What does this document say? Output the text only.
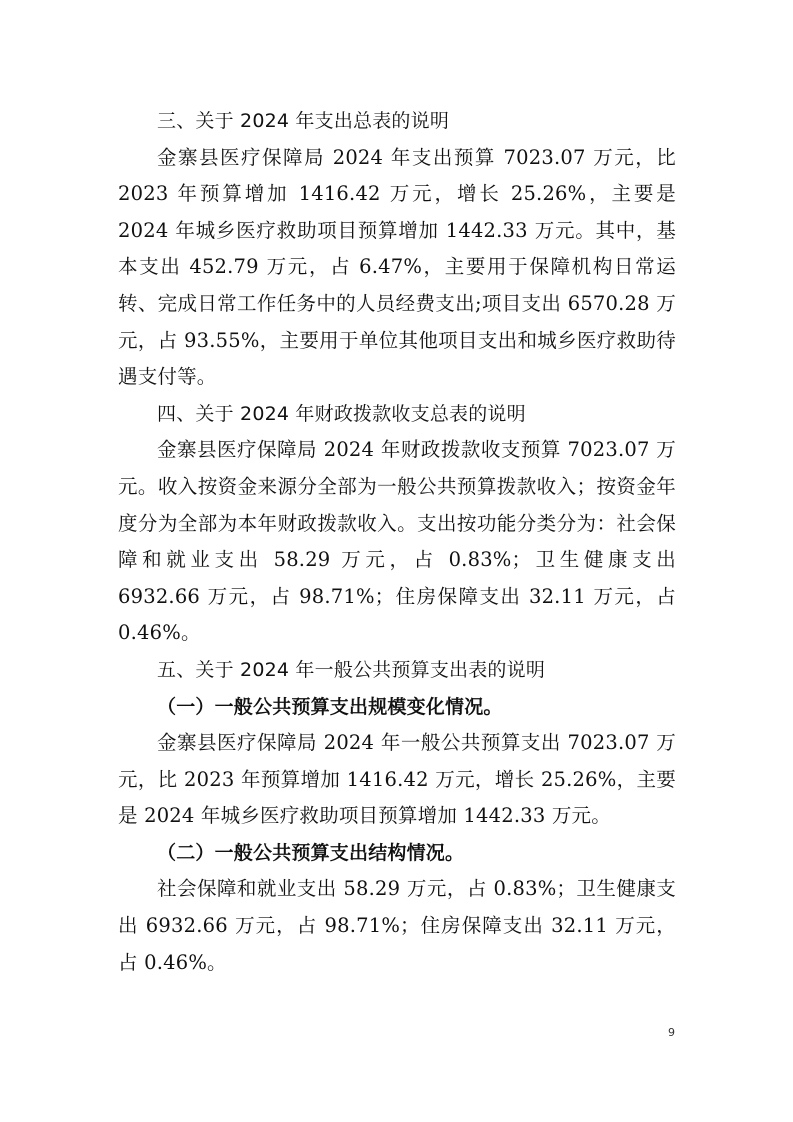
三、关于 2024 年支出总表的说明

金寨县医疗保障局 2024 年支出预算 7023.07 万元，比 2023 年预算增加 1416.42 万元，增长 25.26%，主要是 2024 年城乡医疗救助项目预算增加 1442.33 万元。其中，基本支出 452.79 万元，占 6.47%，主要用于保障机构日常运转、完成日常工作任务中的人员经费支出;项目支出 6570.28 万元，占 93.55%，主要用于单位其他项目支出和城乡医疗救助待遇支付等。

四、关于 2024 年财政拨款收支总表的说明

金寨县医疗保障局 2024 年财政拨款收支预算 7023.07 万元。收入按资金来源分全部为一般公共预算拨款收入；按资金年度分为全部为本年财政拨款收入。支出按功能分类分为：社会保障和就业支出 58.29 万元，占 0.83%；卫生健康支出 6932.66 万元，占 98.71%；住房保障支出 32.11 万元，占 0.46%。

五、关于 2024 年一般公共预算支出表的说明

（一）一般公共预算支出规模变化情况。

金寨县医疗保障局 2024 年一般公共预算支出 7023.07 万元，比 2023 年预算增加 1416.42 万元，增长 25.26%，主要是 2024 年城乡医疗救助项目预算增加 1442.33 万元。

（二）一般公共预算支出结构情况。

社会保障和就业支出 58.29 万元，占 0.83%；卫生健康支出 6932.66 万元，占 98.71%；住房保障支出 32.11 万元，占 0.46%。

9
